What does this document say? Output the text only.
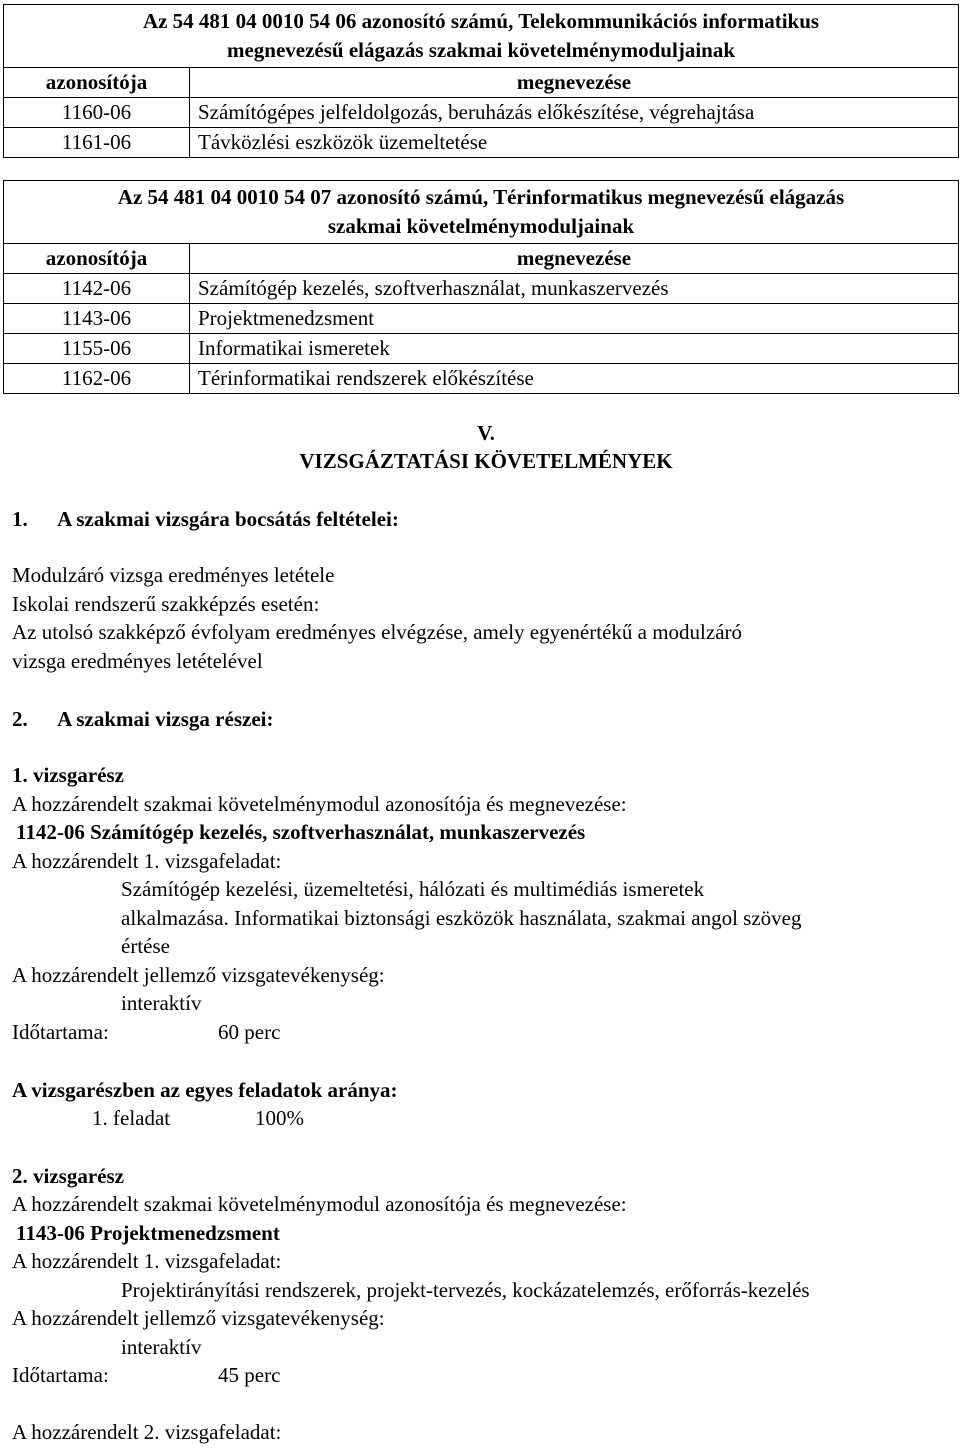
Az 54 481 04 0010 54 06 azonosító számú, Telekommunikációs informatikus
megnevezésű elágazás szakmai követelménymoduljainak	
azonosítója	megnevezése
1160-06	Számítógépes jelfeldolgozás, beruházás előkészítése, végrehajtása
1161-06	Távközlési eszközök üzemeltetése
Az 54 481 04 0010 54 07 azonosító számú, Térinformatikus megnevezésű elágazás
szakmai követelménymoduljainak	
azonosítója	megnevezése
1142-06	Számítógép kezelés, szoftverhasználat, munkaszervezés
1143-06	Projektmenedzsment
1155-06	Informatikai ismeretek
1162-06	Térinformatikai rendszerek előkészítése
V.
VIZSGÁZTATÁSI KÖVETELMÉNYEK
1. A szakmai vizsgára bocsátás feltételei:
Modulzáró vizsga eredményes letétele
Iskolai rendszerű szakképzés esetén:
Az utolsó szakképző évfolyam eredményes elvégzése, amely egyenértékű a modulzáró
vizsga eredményes letételével
2. A szakmai vizsga részei:
1. vizsgarész
A hozzárendelt szakmai követelménymodul azonosítója és megnevezése:
1142-06 Számítógép kezelés, szoftverhasználat, munkaszervezés
A hozzárendelt 1. vizsgafeladat:
Számítógép kezelési, üzemeltetési, hálózati és multimédiás ismeretek
alkalmazása. Informatikai biztonsági eszközök használata, szakmai angol szöveg
értése
A hozzárendelt jellemző vizsgatevékenység:
interaktív
Időtartama:	60 perc
A vizsgarészben az egyes feladatok aránya:
1. feladat	100%
2. vizsgarész
A hozzárendelt szakmai követelménymodul azonosítója és megnevezése:
1143-06 Projektmenedzsment
A hozzárendelt 1. vizsgafeladat:
Projektirányítási rendszerek, projekt-tervezés, kockázatelemzés, erőforrás-kezelés
A hozzárendelt jellemző vizsgatevékenység:
interaktív
Időtartama:	45 perc
A hozzárendelt 2. vizsgafeladat:
